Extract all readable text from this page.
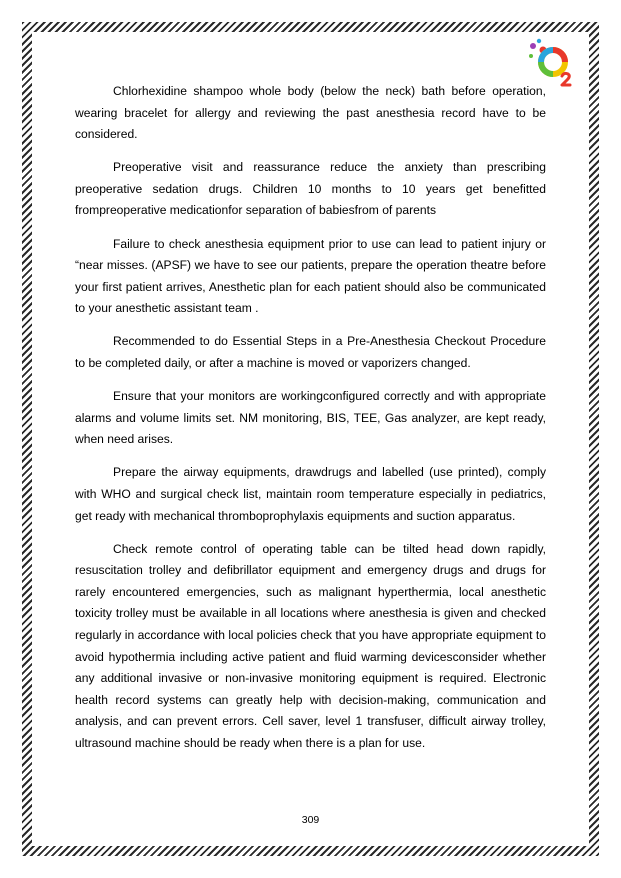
Chlorhexidine shampoo whole body (below the neck) bath before operation, wearing bracelet for allergy and reviewing the past anesthesia record have to be considered.

Preoperative visit and reassurance reduce the anxiety than prescribing preoperative sedation drugs. Children 10 months to 10 years get benefitted frompreoperative medicationfor separation of babiesfrom of parents

Failure to check anesthesia equipment prior to use can lead to patient injury or “near misses. (APSF) we have to see our patients, prepare the operation theatre before your first patient arrives, Anesthetic plan for each patient should also be communicated to your anesthetic assistant team .

Recommended to do Essential Steps in a Pre-Anesthesia Checkout Procedure to be completed daily, or after a machine is moved or vaporizers changed.

Ensure that your monitors are workingconfigured correctly and with appropriate alarms and volume limits set. NM monitoring, BIS, TEE, Gas analyzer, are kept ready, when need arises.

Prepare the airway equipments, drawdrugs and labelled (use printed), comply with WHO and surgical check list, maintain room temperature especially in pediatrics, get ready with mechanical thromboprophylaxis equipments and suction apparatus.

Check remote control of operating table can be tilted head down rapidly, resuscitation trolley and defibrillator equipment and emergency drugs and drugs for rarely encountered emergencies, such as malignant hyperthermia, local anesthetic toxicity trolley must be available in all locations where anesthesia is given and checked regularly in accordance with local policies check that you have appropriate equipment to avoid hypothermia including active patient and fluid warming devicesconsider whether any additional invasive or non-invasive monitoring equipment is required. Electronic health record systems can greatly help with decision-making, communication and analysis, and can prevent errors. Cell saver, level 1 transfuser, difficult airway trolley, ultrasound machine should be ready when there is a plan for use.

309
